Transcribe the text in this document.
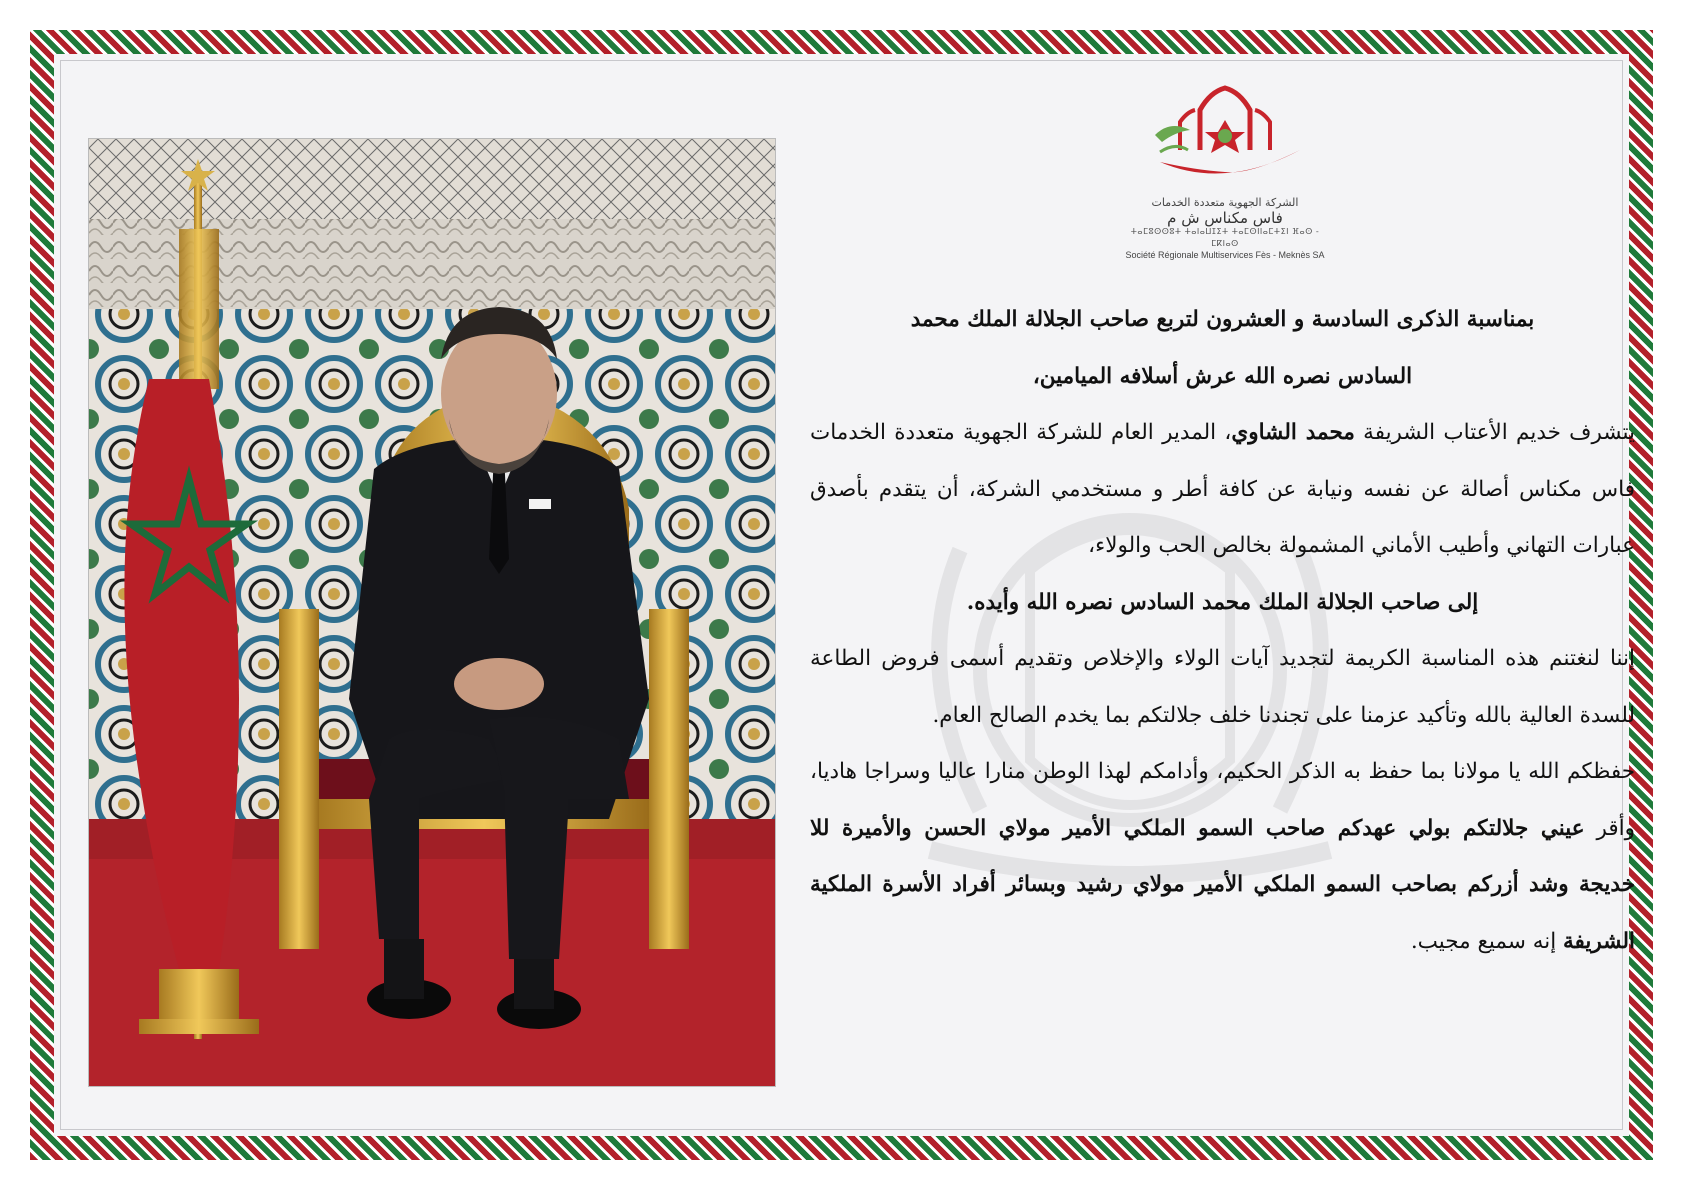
الشركة الجهوية متعددة الخدمات
فاس مكناس ش م
ⵜⴰⵎⵓⵙⵙⵓⵜ ⵜⴰⵏⴰⵡⵊⵉⵜ ⵜⴰⵎⵙⵏⵏⴰⵎⵜⵉⵏ ⴼⴰⵙ - ⵎⴽⵏⴰⵙ
Société Régionale Multiservices Fès - Meknès SA

بمناسبة الذكرى السادسة و العشرون لتربع صاحب الجلالة الملك محمد

السادس نصره الله عرش أسلافه الميامين،

يتشرف خديم الأعتاب الشريفة محمد الشاوي، المدير العام للشركة الجهوية متعددة الخدمات فاس مكناس أصالة عن نفسه ونيابة عن كافة أطر و مستخدمي الشركة، أن يتقدم بأصدق عبارات التهاني وأطيب الأماني المشمولة بخالص الحب والولاء،

إلى صاحب الجلالة الملك محمد السادس نصره الله وأيده.

إننا لنغتنم هذه المناسبة الكريمة لتجديد آيات الولاء والإخلاص وتقديم أسمى فروض الطاعة للسدة العالية بالله وتأكيد عزمنا على تجندنا خلف جلالتكم بما يخدم الصالح العام.

حفظكم الله يا مولانا بما حفظ به الذكر الحكيم، وأدامكم لهذا الوطن منارا عاليا وسراجا هاديا، وأقر عيني جلالتكم بولي عهدكم صاحب السمو الملكي الأمير مولاي الحسن والأميرة للا خديجة وشد أزركم بصاحب السمو الملكي الأمير مولاي رشيد وبسائر أفراد الأسرة الملكية الشريفة إنه سميع مجيب.
